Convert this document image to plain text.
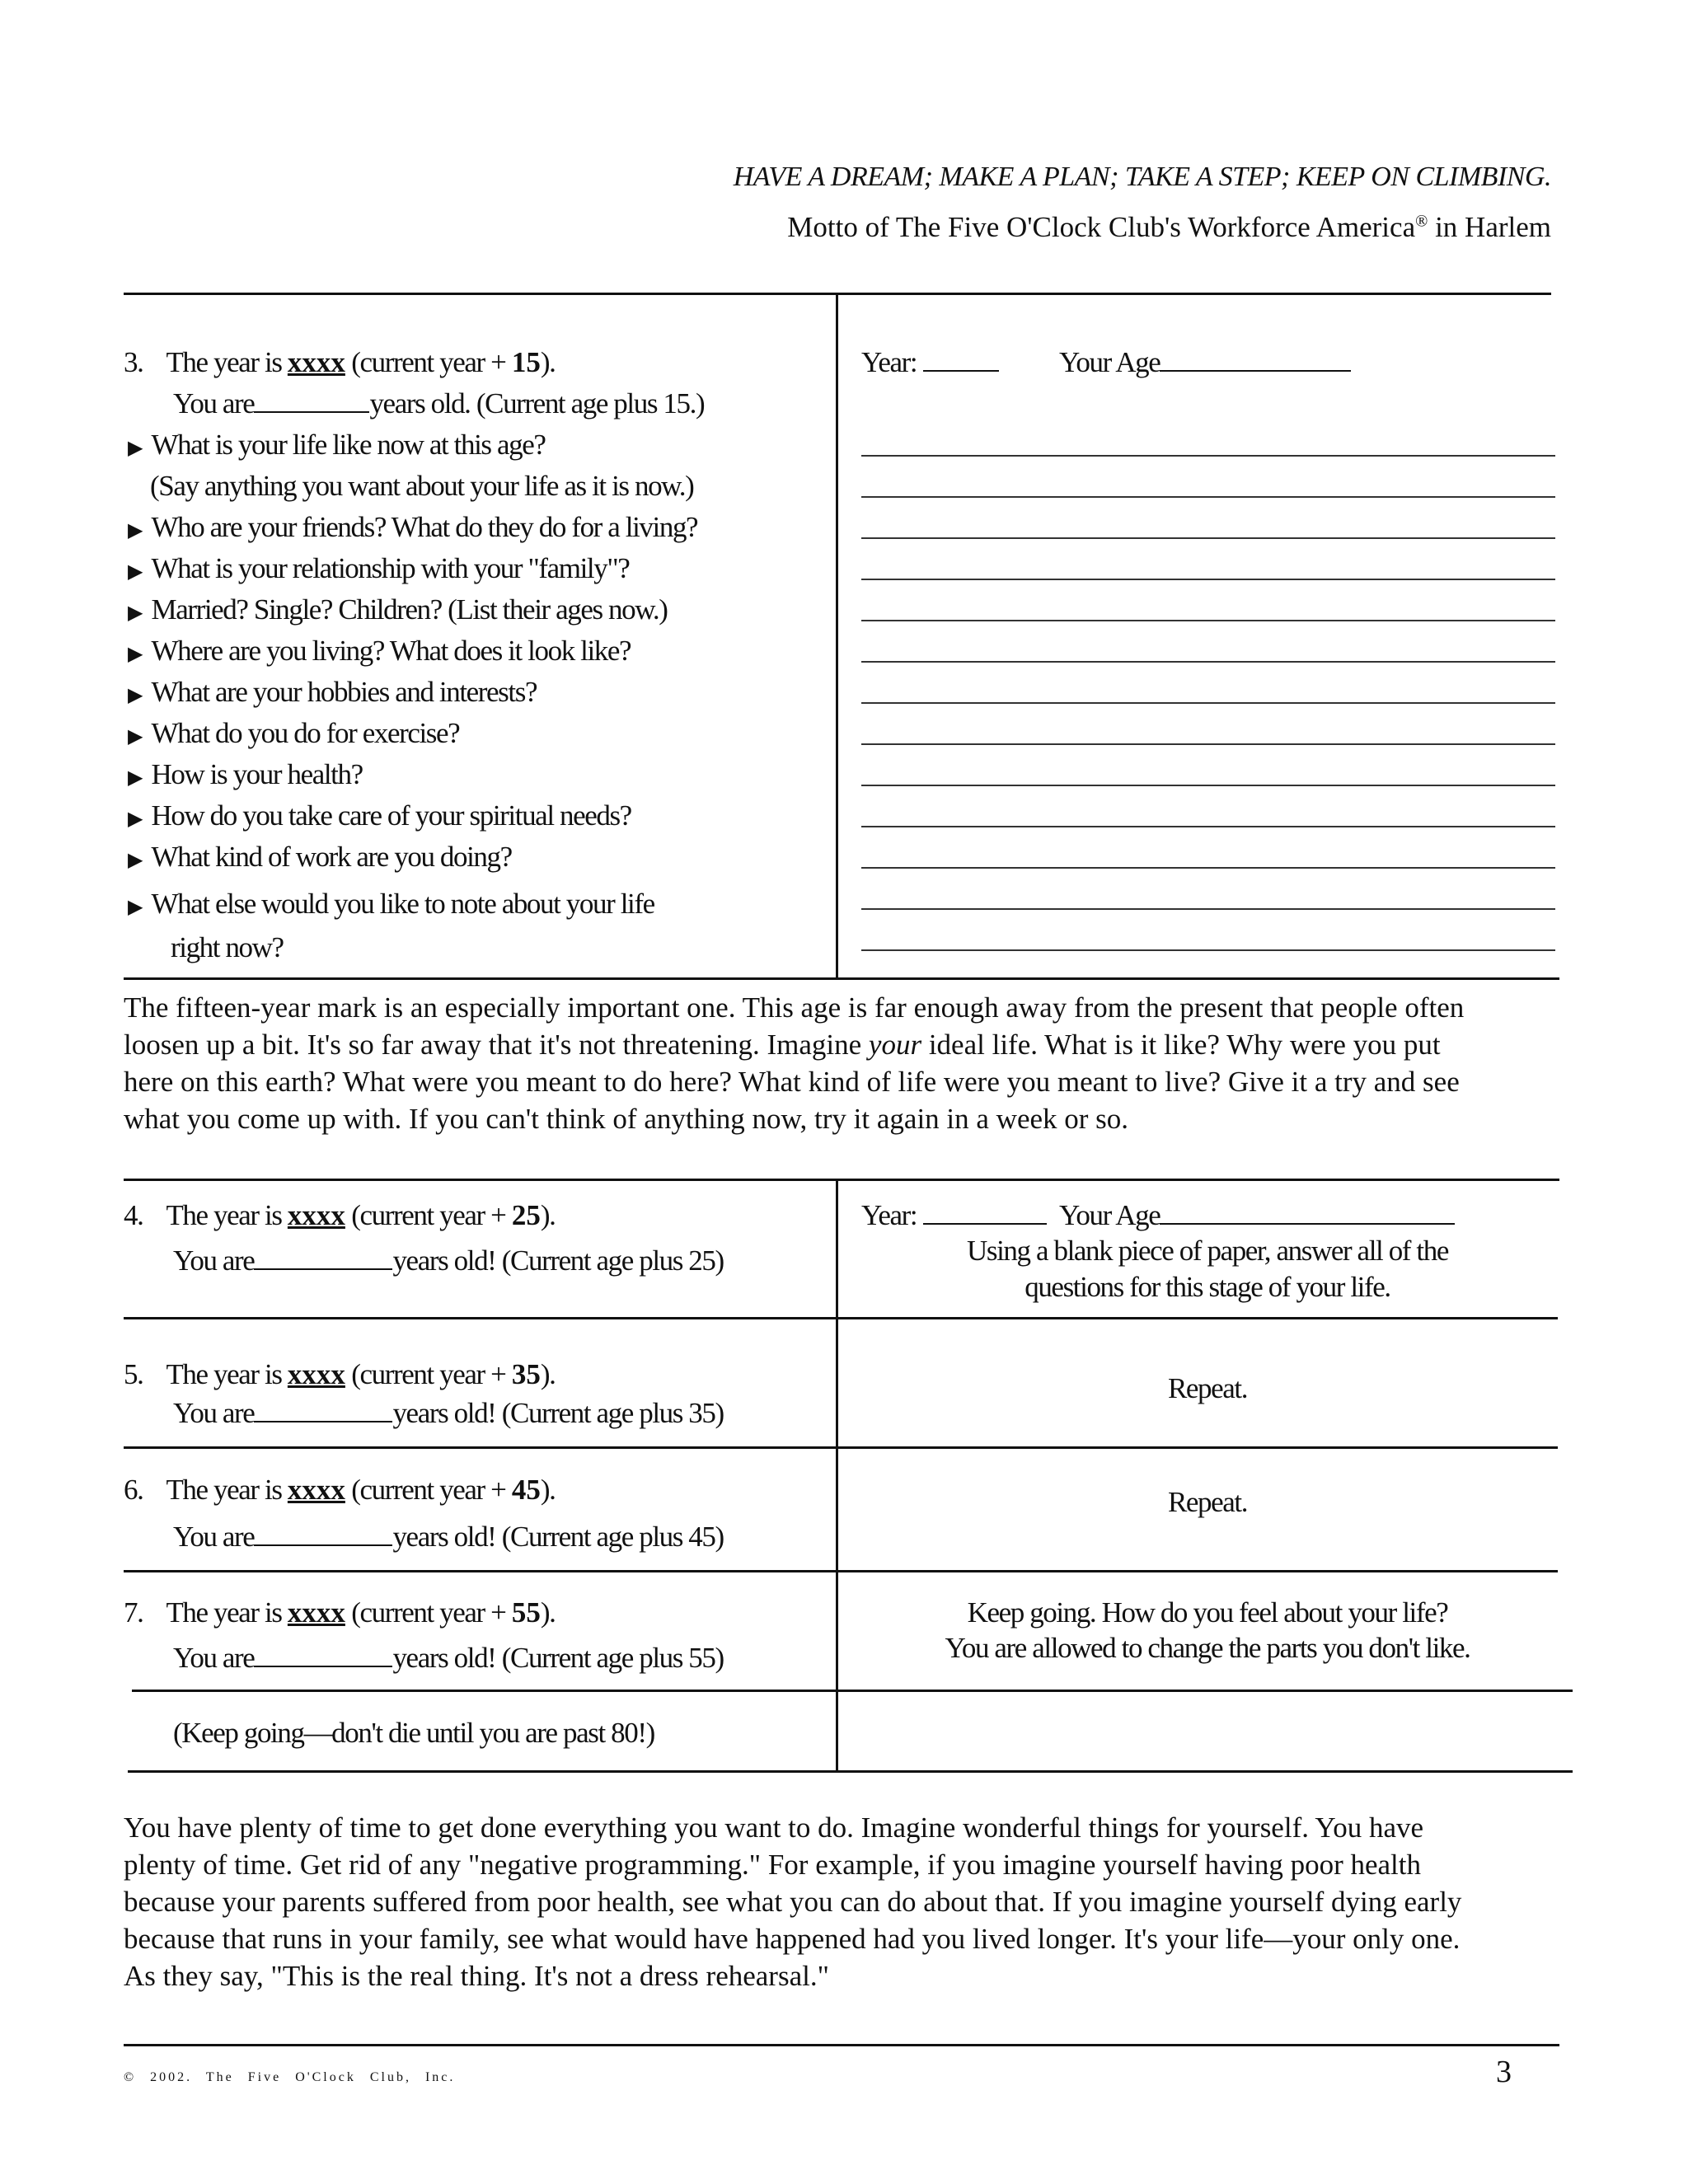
HAVE A DREAM; MAKE A PLAN; TAKE A STEP; KEEP ON CLIMBING.
Motto of The Five O'Clock Club's Workforce America® in Harlem
3. The year is xxxx (current year + 15).
You are	years old. (Current age plus 15.)
▶ What is your life like now at this age?
(Say anything you want about your life as it is now.)
▶ Who are your friends? What do they do for a living?
▶ What is your relationship with your "family"?
▶ Married? Single? Children? (List their ages now.)
▶ Where are you living? What does it look like?
▶ What are your hobbies and interests?
▶ What do you do for exercise?
▶ How is your health?
▶ How do you take care of your spiritual needs?
▶ What kind of work are you doing?
▶ What else would you like to note about your life
right now?
Year:	Your Age
The fifteen-year mark is an especially important one. This age is far enough away from the present that people often
loosen up a bit. It's so far away that it's not threatening. Imagine your ideal life. What is it like? Why were you put
here on this earth? What were you meant to do here? What kind of life were you meant to live? Give it a try and see
what you come up with. If you can't think of anything now, try it again in a week or so.
4. The year is xxxx (current year + 25).
You are	years old! (Current age plus 25)
Year:	Your Age
Using a blank piece of paper, answer all of the
questions for this stage of your life.
5. The year is xxxx (current year + 35).
You are	years old! (Current age plus 35)
Repeat.
6. The year is xxxx (current year + 45).
You are	years old! (Current age plus 45)
Repeat.
7. The year is xxxx (current year + 55).
You are	years old! (Current age plus 55)
Keep going. How do you feel about your life?
You are allowed to change the parts you don't like.
(Keep going—don't die until you are past 80!)
You have plenty of time to get done everything you want to do. Imagine wonderful things for yourself. You have
plenty of time. Get rid of any "negative programming." For example, if you imagine yourself having poor health
because your parents suffered from poor health, see what you can do about that. If you imagine yourself dying early
because that runs in your family, see what would have happened had you lived longer. It's your life—your only one.
As they say, "This is the real thing. It's not a dress rehearsal."
© 2002. The Five O'Clock Club, Inc.	3
